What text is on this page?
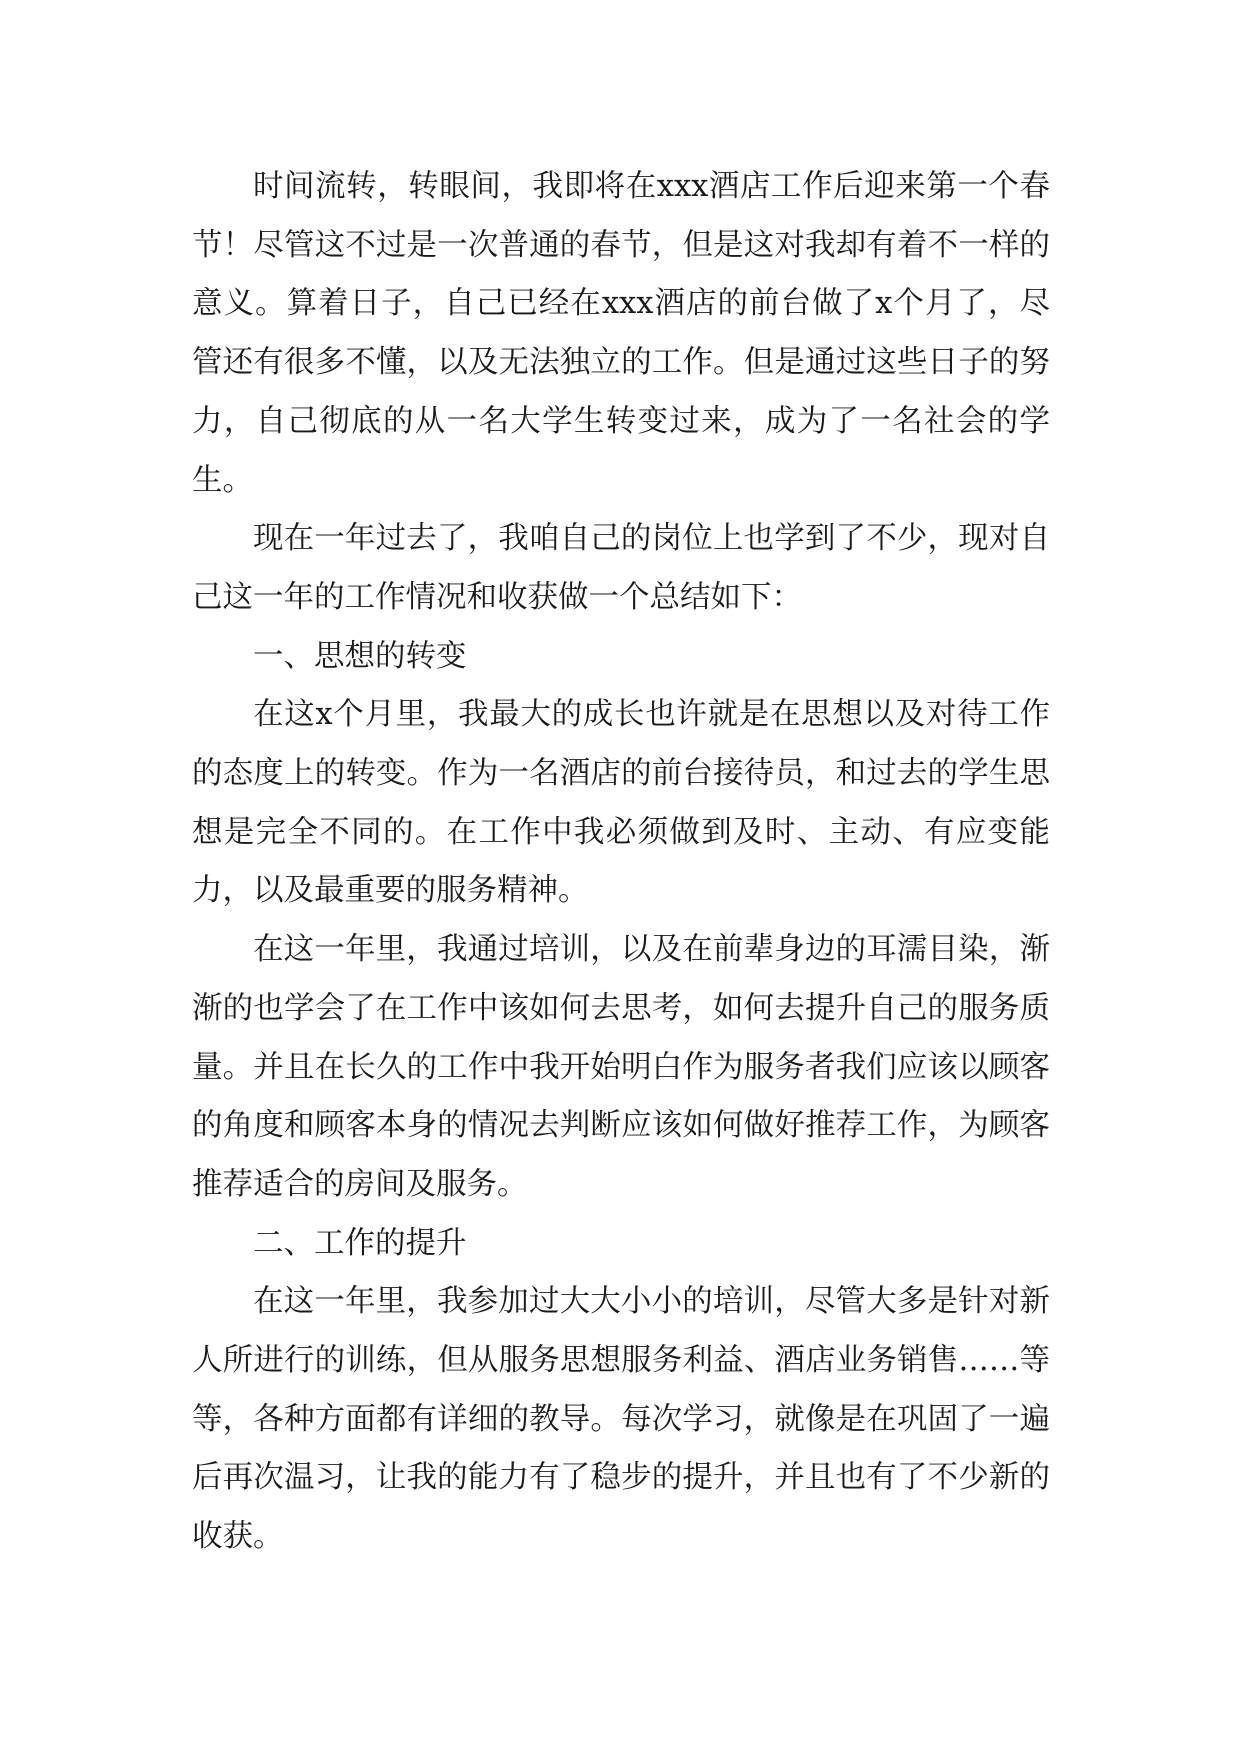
时间流转，转眼间，我即将在xxx酒店工作后迎来第一个春节！尽管这不过是一次普通的春节，但是这对我却有着不一样的意义。算着日子，自己已经在xxx酒店的前台做了x个月了，尽管还有很多不懂，以及无法独立的工作。但是通过这些日子的努力，自己彻底的从一名大学生转变过来，成为了一名社会的学生。

现在一年过去了，我咱自己的岗位上也学到了不少，现对自己这一年的工作情况和收获做一个总结如下：

一、思想的转变

在这x个月里，我最大的成长也许就是在思想以及对待工作的态度上的转变。作为一名酒店的前台接待员，和过去的学生思想是完全不同的。在工作中我必须做到及时、主动、有应变能力，以及最重要的服务精神。

在这一年里，我通过培训，以及在前辈身边的耳濡目染，渐渐的也学会了在工作中该如何去思考，如何去提升自己的服务质量。并且在长久的工作中我开始明白作为服务者我们应该以顾客的角度和顾客本身的情况去判断应该如何做好推荐工作，为顾客推荐适合的房间及服务。

二、工作的提升

在这一年里，我参加过大大小小的培训，尽管大多是针对新人所进行的训练，但从服务思想服务利益、酒店业务销售……等等，各种方面都有详细的教导。每次学习，就像是在巩固了一遍后再次温习，让我的能力有了稳步的提升，并且也有了不少新的收获。
